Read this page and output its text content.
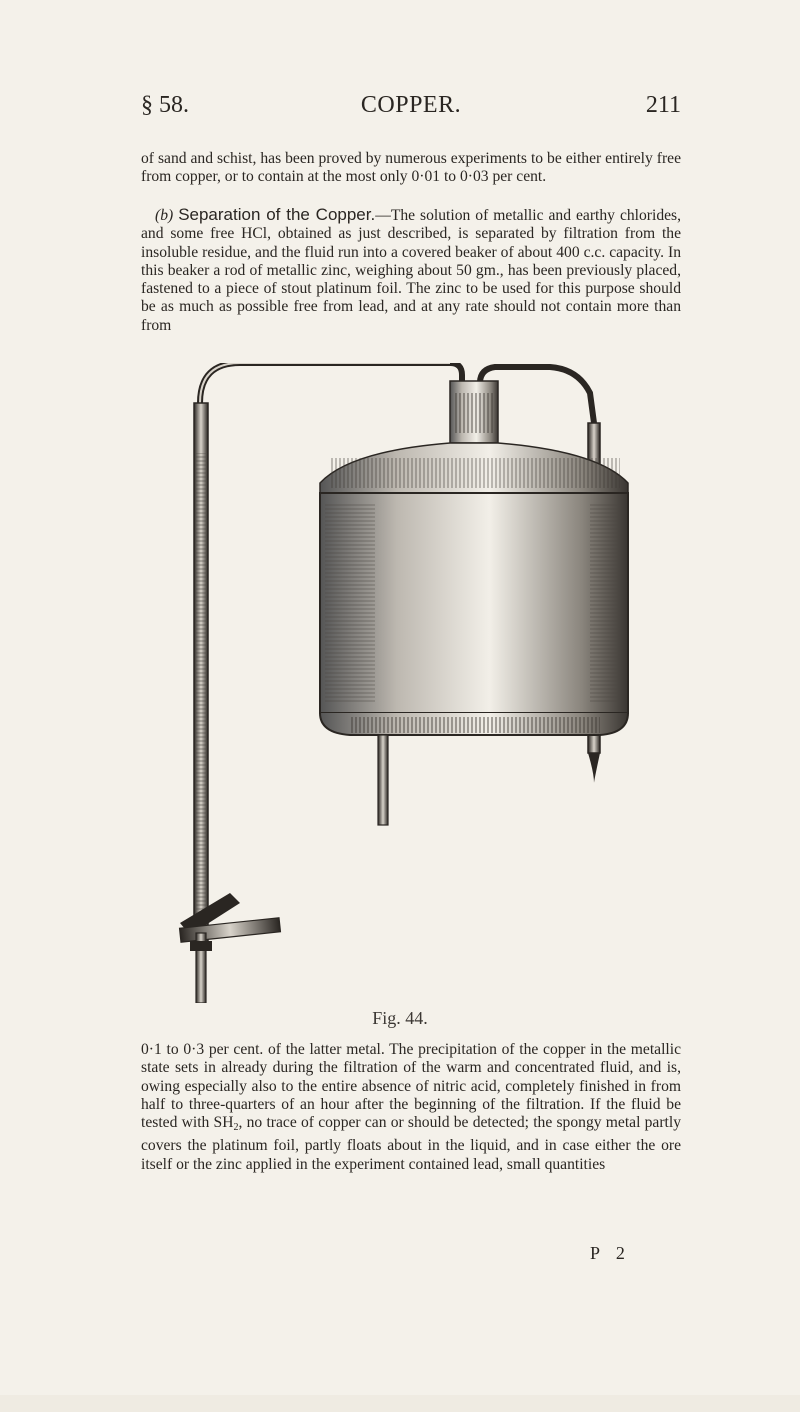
§ 58.	COPPER.	211

of sand and schist, has been proved by numerous experiments to be either entirely free from copper, or to contain at the most only 0·01 to 0·03 per cent.

(b) Separation of the Copper.—The solution of metallic and earthy chlorides, and some free HCl, obtained as just described, is separated by filtration from the insoluble residue, and the fluid run into a covered beaker of about 400 c.c. capacity. In this beaker a rod of metallic zinc, weighing about 50 gm., has been previously placed, fastened to a piece of stout platinum foil. The zinc to be used for this purpose should be as much as possible free from lead, and at any rate should not contain more than from

Fig. 44.

0·1 to 0·3 per cent. of the latter metal. The precipitation of the copper in the metallic state sets in already during the filtration of the warm and concentrated fluid, and is, owing especially also to the entire absence of nitric acid, completely finished in from half to three-quarters of an hour after the beginning of the filtration. If the fluid be tested with $SH_2$, no trace of copper can or should be detected; the spongy metal partly covers the platinum foil, partly floats about in the liquid, and in case either the ore itself or the zinc applied in the experiment contained lead, small quantities

P 2
